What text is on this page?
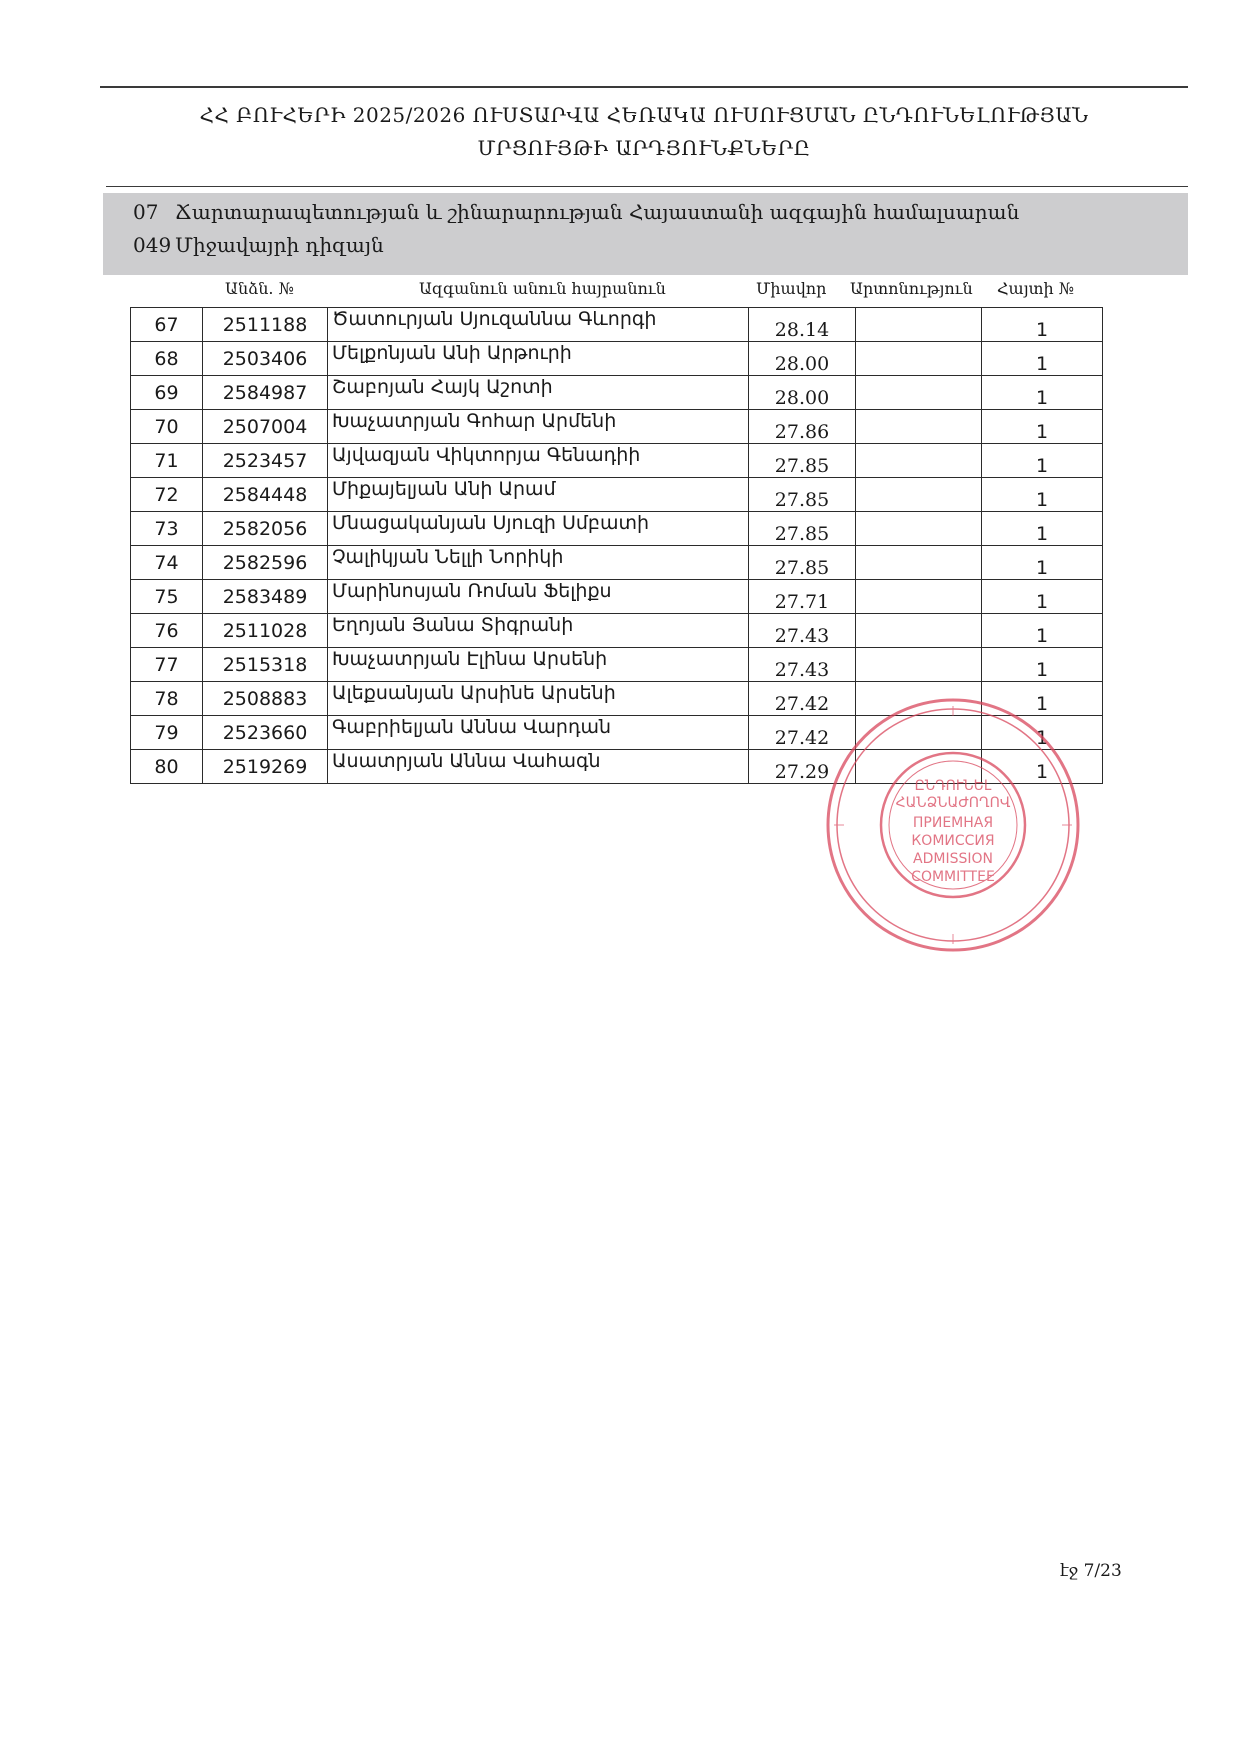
ՀՀ ԲՈՒՀԵՐԻ 2025/2026 ՈՒՍՏԱՐՎԱ ՀԵՌԱԿԱ ՈՒՍՈՒՑՄԱՆ ԸՆԴՈՒՆԵԼՈՒԹՅԱՆ
ՄՐՑՈՒՅԹԻ ԱՐԴՅՈՒՆՔՆԵՐԸ
07 Ճարտարապետության և շինարարության Հայաստանի ազգային համալսարան
049 Միջավայրի դիզայն
Անձն. №	Ազգանուն անուն հայրանուն	Միավոր Արտոնություն Հայտի №
67	2511188	Ծատուրյան Սյուզաննա Գևորգի	28.14		1
68	2503406	Մելքոնյան Անի Արթուրի	28.00		1
69	2584987	Շաբոյան Հայկ Աշոտի	28.00		1
70	2507004	Խաչատրյան Գոհար Արմենի	27.86		1
71	2523457	Այվազյան Վիկտորյա Գենադիի	27.85		1
72	2584448	Միքայելյան Անի Արամ	27.85		1
73	2582056	Մնացականյան Սյուզի Սմբատի	27.85		1
74	2582596	Չալիկյան Նելլի Նորիկի	27.85		1
75	2583489	Մարինոսյան Ռոման Ֆելիքս	27.71		1
76	2511028	Եղոյան Յանա Տիգրանի	27.43		1
77	2515318	Խաչատրյան Էլինա Արսենի	27.43		1
78	2508883	Ալեքսանյան Արսինե Արսենի	27.42		1
79	2523660	Գաբրիելյան Աննա Վարդան	27.42		1
80	2519269	Ասատրյան Աննա Վահագն	27.29		1
ԸՆԴՈՒՆԵԼ
ՀԱՆՁՆԱԺՈՂՈՎ
ПРИЕМНАЯ
КОМИССИЯ
ADMISSION
COMMITTEE
էջ 7/23
